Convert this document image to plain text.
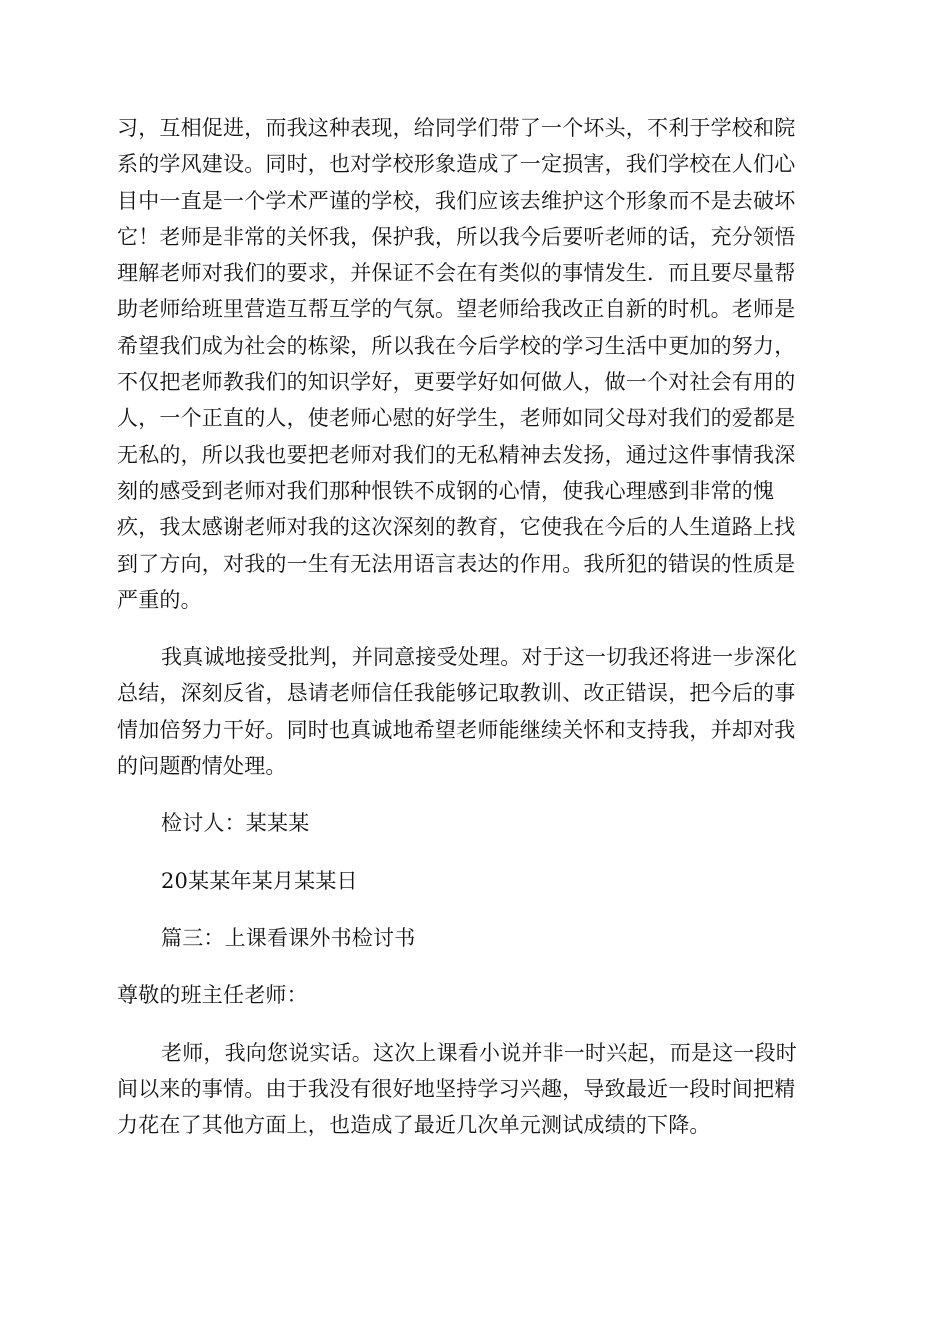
习，互相促进，而我这种表现，给同学们带了一个坏头，不利于学校和院
系的学风建设。同时，也对学校形象造成了一定损害，我们学校在人们心
目中一直是一个学术严谨的学校，我们应该去维护这个形象而不是去破坏
它！老师是非常的关怀我，保护我，所以我今后要听老师的话，充分领悟
理解老师对我们的要求，并保证不会在有类似的事情发生．而且要尽量帮
助老师给班里营造互帮互学的气氛。望老师给我改正自新的时机。老师是
希望我们成为社会的栋梁，所以我在今后学校的学习生活中更加的努力，
不仅把老师教我们的知识学好，更要学好如何做人，做一个对社会有用的
人，一个正直的人，使老师心慰的好学生，老师如同父母对我们的爱都是
无私的，所以我也要把老师对我们的无私精神去发扬，通过这件事情我深
刻的感受到老师对我们那种恨铁不成钢的心情，使我心理感到非常的愧
疚，我太感谢老师对我的这次深刻的教育，它使我在今后的人生道路上找
到了方向，对我的一生有无法用语言表达的作用。我所犯的错误的性质是
严重的。

我真诚地接受批判，并同意接受处理。对于这一切我还将进一步深化
总结，深刻反省，恳请老师信任我能够记取教训、改正错误，把今后的事
情加倍努力干好。同时也真诚地希望老师能继续关怀和支持我，并却对我
的问题酌情处理。

检讨人：某某某

20某某年某月某某日

篇三：上课看课外书检讨书

尊敬的班主任老师：

老师，我向您说实话。这次上课看小说并非一时兴起，而是这一段时
间以来的事情。由于我没有很好地坚持学习兴趣，导致最近一段时间把精
力花在了其他方面上，也造成了最近几次单元测试成绩的下降。
